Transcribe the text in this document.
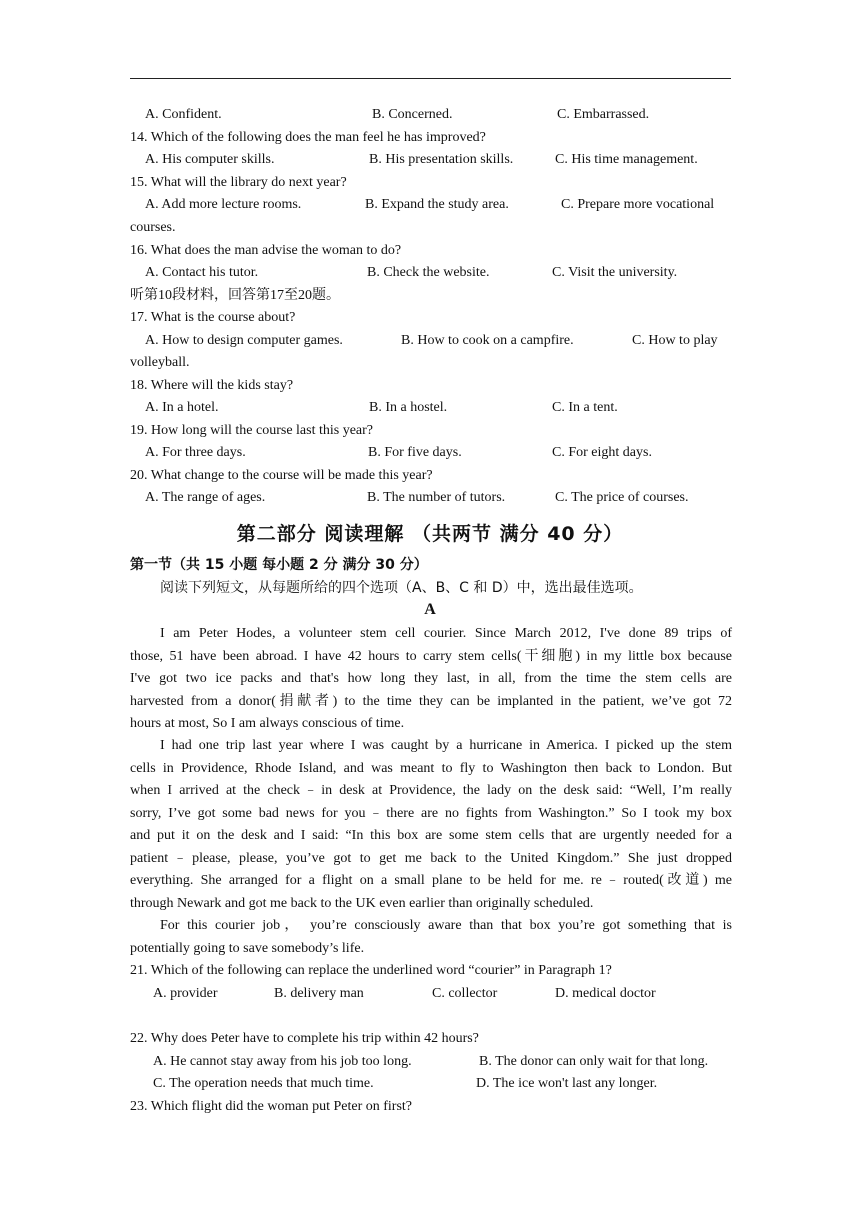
第二部分 阅读理解 （共两节 满分 40 分）
第一节（共 15 小题 每小题 2 分 满分 30 分）
阅读下列短文，从每题所给的四个选项（A、B、C 和 D）中，选出最佳选项。
A
A. Confident.	B. Concerned.	C. Embarrassed.
14. Which of the following does the man feel he has improved?
A. His computer skills.	B. His presentation skills.	C. His time management.
15. What will the library do next year?
A. Add more lecture rooms.	B. Expand the study area.	C. Prepare more vocational
courses.
16. What does the man advise the woman to do?
A. Contact his tutor.	B. Check the website.	C. Visit the university.
听第10段材料，回答第17至20题。
17. What is the course about?
A. How to design computer games.	B. How to cook on a campfire.	C. How to play
volleyball.
18. Where will the kids stay?
A. In a hotel.	B. In a hostel.	C. In a tent.
19. How long will the course last this year?
A. For three days.	B. For five days.	C. For eight days.
20. What change to the course will be made this year?
A. The range of ages.	B. The number of tutors.	C. The price of courses.
I am Peter Hodes, a volunteer stem cell courier. Since March 2012, I've done 89 trips of
those, 51 have been abroad. I have 42 hours to carry stem cells(干细胞) in my little box because
I've got two ice packs and that's how long they last, in all, from the time the stem cells are
harvested from a donor(捐献者) to the time they can be implanted in the patient, we’ve got 72
hours at most, So I am always conscious of time.
I had one trip last year where I was caught by a hurricane in America. I picked up the stem
cells in Providence, Rhode Island, and was meant to fly to Washington then back to London. But
when I arrived at the check﹣in desk at Providence, the lady on the desk said: “Well, I’m really
sorry, I’ve got some bad news for you﹣there are no fights from Washington.” So I took my box
and put it on the desk and I said: “In this box are some stem cells that are urgently needed for a
patient﹣please, please, you’ve got to get me back to the United Kingdom.” She just dropped
everything. She arranged for a flight on a small plane to be held for me. re﹣routed(改道) me
through Newark and got me back to the UK even earlier than originally scheduled.
For this courier job， you’re consciously aware than that box you’re got something that is
potentially going to save somebody’s life.
21. Which of the following can replace the underlined word “courier” in Paragraph 1?
A. provider	B. delivery man	C. collector	D. medical doctor
22. Why does Peter have to complete his trip within 42 hours?
A. He cannot stay away from his job too long.	B. The donor can only wait for that long.
C. The operation needs that much time.	D. The ice won't last any longer.
23. Which flight did the woman put Peter on first?
